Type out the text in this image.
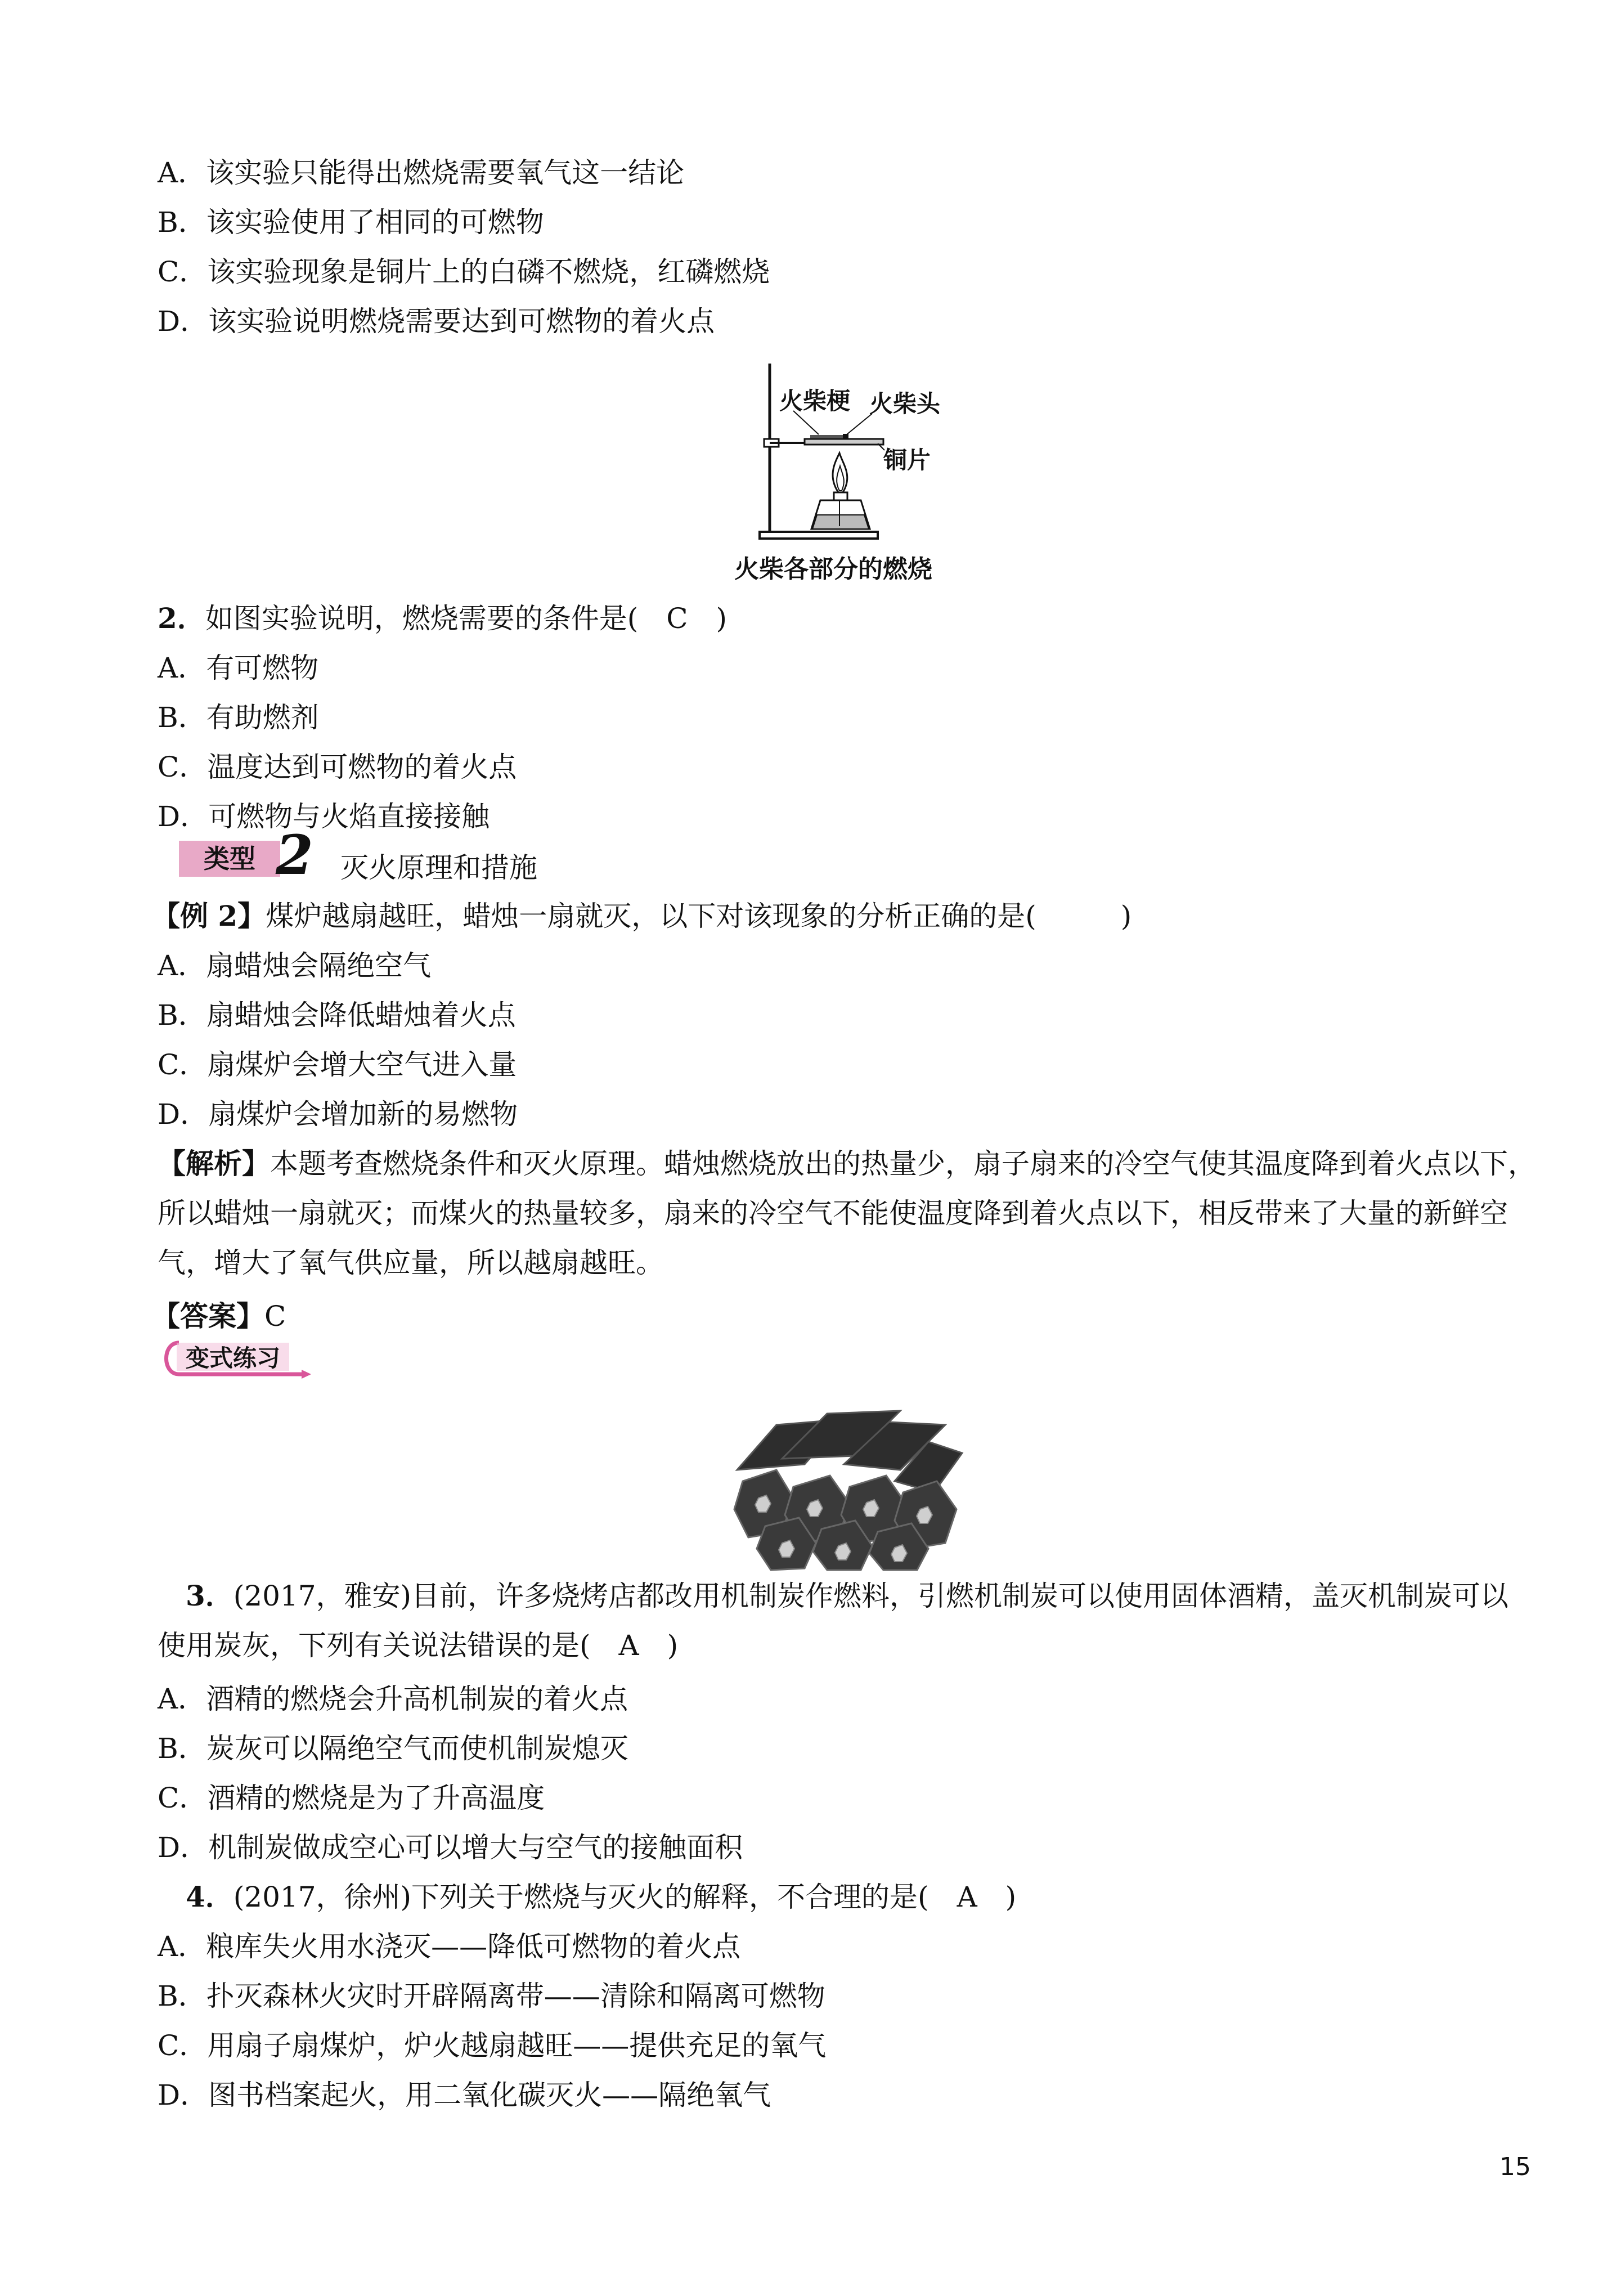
A．该实验只能得出燃烧需要氧气这一结论
B．该实验使用了相同的可燃物
C．该实验现象是铜片上的白磷不燃烧，红磷燃烧
D．该实验说明燃烧需要达到可燃物的着火点
火柴梗 火柴头
铜片
火柴各部分的燃烧
2．如图实验说明，燃烧需要的条件是(　C　)
A．有可燃物
B．有助燃剂
C．温度达到可燃物的着火点
D．可燃物与火焰直接接触
类型 2 灭火原理和措施
【例 2】煤炉越扇越旺，蜡烛一扇就灭，以下对该现象的分析正确的是(　　　)
A．扇蜡烛会隔绝空气
B．扇蜡烛会降低蜡烛着火点
C．扇煤炉会增大空气进入量
D．扇煤炉会增加新的易燃物
【解析】本题考查燃烧条件和灭火原理。蜡烛燃烧放出的热量少，扇子扇来的冷空气使其温度降到着火点以下，所以蜡烛一扇就灭；而煤火的热量较多，扇来的冷空气不能使温度降到着火点以下，相反带来了大量的新鲜空气，增大了氧气供应量，所以越扇越旺。
【答案】C
变式练习
3．(2017，雅安)目前，许多烧烤店都改用机制炭作燃料，引燃机制炭可以使用固体酒精，盖灭机制炭可以使用炭灰，下列有关说法错误的是(　A　)
A．酒精的燃烧会升高机制炭的着火点
B．炭灰可以隔绝空气而使机制炭熄灭
C．酒精的燃烧是为了升高温度
D．机制炭做成空心可以增大与空气的接触面积
4．(2017，徐州)下列关于燃烧与灭火的解释，不合理的是(　A　)
A．粮库失火用水浇灭——降低可燃物的着火点
B．扑灭森林火灾时开辟隔离带——清除和隔离可燃物
C．用扇子扇煤炉，炉火越扇越旺——提供充足的氧气
D．图书档案起火，用二氧化碳灭火——隔绝氧气
15
